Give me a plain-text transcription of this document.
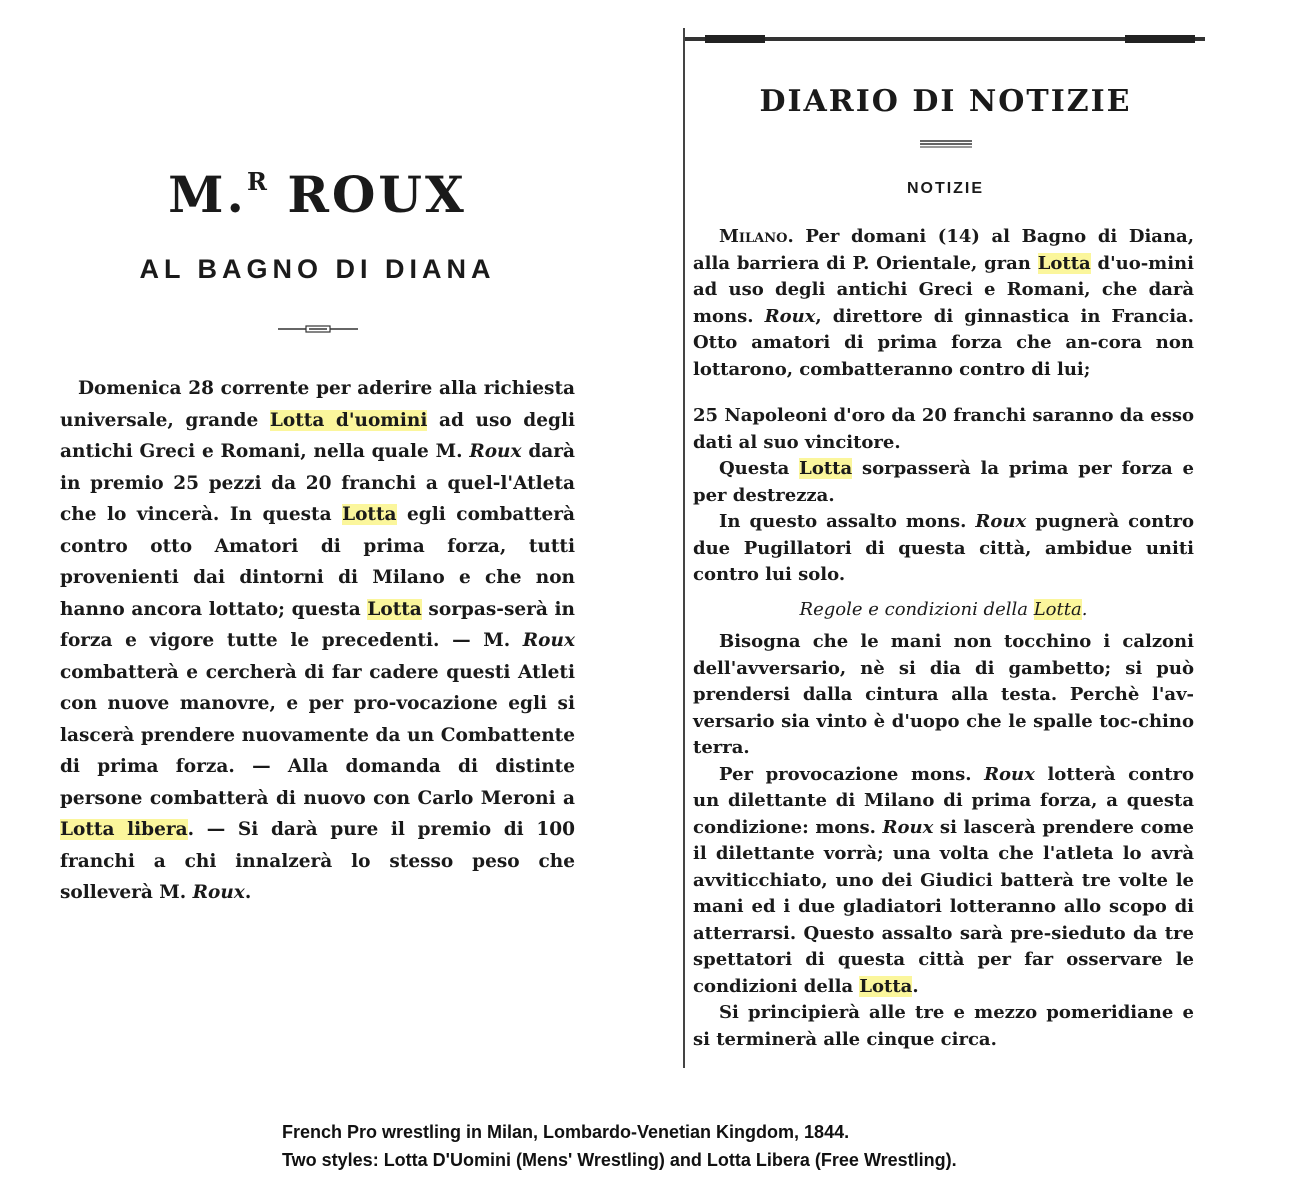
M.$^R$ ROUX
AL BAGNO DI DIANA

Domenica 28 corrente per aderire alla richiesta universale, grande Lotta d'uomini ad uso degli antichi Greci e Romani, nella quale M. Roux darà in premio 25 pezzi da 20 franchi a quel-l'Atleta che lo vincerà. In questa Lotta egli combatterà contro otto Amatori di prima forza, tutti provenienti dai dintorni di Milano e che non hanno ancora lottato; questa Lotta sorpas-serà in forza e vigore tutte le precedenti. — M. Roux combatterà e cercherà di far cadere questi Atleti con nuove manovre, e per pro-vocazione egli si lascerà prendere nuovamente da un Combattente di prima forza. — Alla domanda di distinte persone combatterà di nuovo con Carlo Meroni a Lotta libera. — Si darà pure il premio di 100 franchi a chi innalzerà lo stesso peso che solleverà M. Roux.

DIARIO DI NOTIZIE
NOTIZIE

Milano. Per domani (14) al Bagno di Diana, alla barriera di P. Orientale, gran Lotta d'uo-mini ad uso degli antichi Greci e Romani, che darà mons. Roux, direttore di ginnastica in Francia. Otto amatori di prima forza che an-cora non lottarono, combatteranno contro di lui;

25 Napoleoni d'oro da 20 franchi saranno da esso dati al suo vincitore.

Questa Lotta sorpasserà la prima per forza e per destrezza.

In questo assalto mons. Roux pugnerà contro due Pugillatori di questa città, ambidue uniti contro lui solo.

Regole e condizioni della Lotta.

Bisogna che le mani non tocchino i calzoni dell'avversario, nè si dia di gambetto; si può prendersi dalla cintura alla testa. Perchè l'av-versario sia vinto è d'uopo che le spalle toc-chino terra.

Per provocazione mons. Roux lotterà contro un dilettante di Milano di prima forza, a questa condizione: mons. Roux si lascerà prendere come il dilettante vorrà; una volta che l'atleta lo avrà avviticchiato, uno dei Giudici batterà tre volte le mani ed i due gladiatori lotteranno allo scopo di atterrarsi. Questo assalto sarà pre-sieduto da tre spettatori di questa città per far osservare le condizioni della Lotta.

Si principierà alle tre e mezzo pomeridiane e si terminerà alle cinque circa.

French Pro wrestling in Milan, Lombardo-Venetian Kingdom, 1844.
Two styles: Lotta D'Uomini (Mens' Wrestling) and Lotta Libera (Free Wrestling).
